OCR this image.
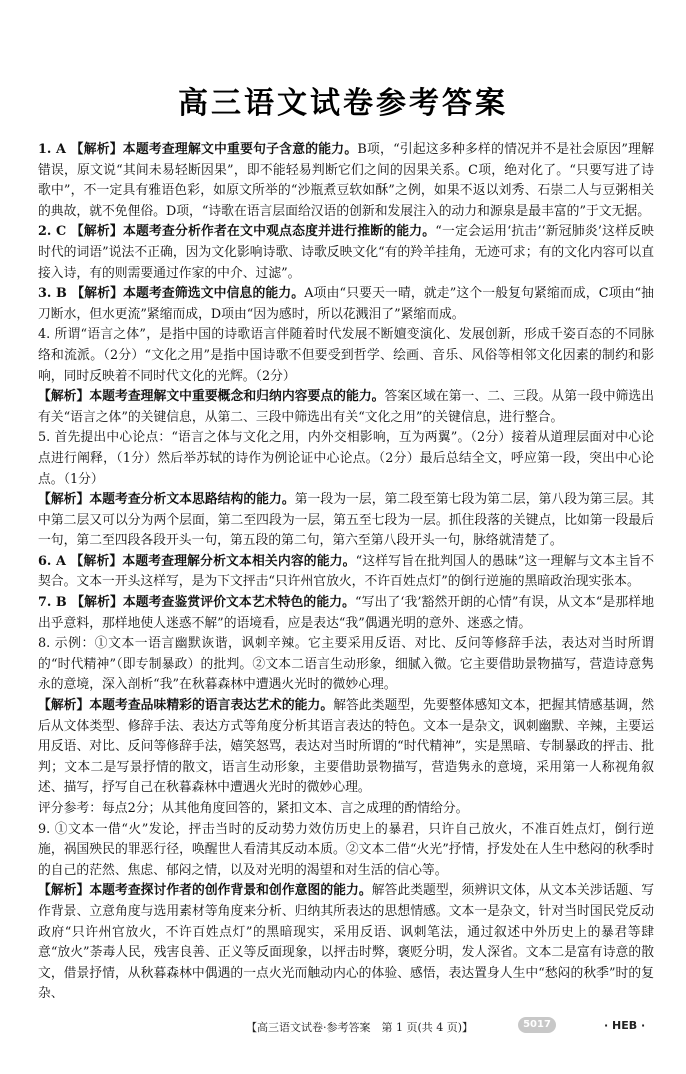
高三语文试卷参考答案

1. A 【解析】本题考查理解文中重要句子含意的能力。B项，“引起这多种多样的情况并不是社会原因”理解错误，原文说“其间未易轻断因果”，即不能轻易判断它们之间的因果关系。C项，绝对化了。“只要写进了诗歌中”，不一定具有雅语色彩，如原文所举的“沙瓶煮豆软如酥”之例，如果不返以刘秀、石崇二人与豆粥相关的典故，就不免俚俗。D项，“诗歌在语言层面给汉语的创新和发展注入的动力和源泉是最丰富的”于文无据。

2. C 【解析】本题考查分析作者在文中观点态度并进行推断的能力。“一定会运用‘抗击’‘新冠肺炎’这样反映时代的词语”说法不正确，因为文化影响诗歌、诗歌反映文化“有的羚羊挂角，无迹可求；有的文化内容可以直接入诗，有的则需要通过作家的中介、过滤”。

3. B 【解析】本题考查筛选文中信息的能力。A项由“只要天一晴，就走”这个一般复句紧缩而成，C项由“抽刀断水，但水更流”紧缩而成，D项由“因为感时，所以花溅泪了”紧缩而成。

4. 所谓“语言之体”，是指中国的诗歌语言伴随着时代发展不断嬗变演化、发展创新，形成千姿百态的不同脉络和流派。（2分）“文化之用”是指中国诗歌不但要受到哲学、绘画、音乐、风俗等相邻文化因素的制约和影响，同时反映着不同时代文化的光辉。（2分）

【解析】本题考查理解文中重要概念和归纳内容要点的能力。答案区域在第一、二、三段。从第一段中筛选出有关“语言之体”的关键信息，从第二、三段中筛选出有关“文化之用”的关键信息，进行整合。

5. 首先提出中心论点：“语言之体与文化之用，内外交相影响，互为两翼”。（2分）接着从道理层面对中心论点进行阐释，（1分）然后举苏轼的诗作为例论证中心论点。（2分）最后总结全文，呼应第一段，突出中心论点。（1分）

【解析】本题考查分析文本思路结构的能力。第一段为一层，第二段至第七段为第二层，第八段为第三层。其中第二层又可以分为两个层面，第二至四段为一层，第五至七段为一层。抓住段落的关键点，比如第一段最后一句，第二至四段各段开头一句，第五段的第二句，第六至第八段开头一句，脉络就清楚了。

6. A 【解析】本题考查理解分析文本相关内容的能力。“这样写旨在批判国人的愚昧”这一理解与文本主旨不契合。文本一开头这样写，是为下文抨击“只许州官放火，不许百姓点灯”的倒行逆施的黑暗政治现实张本。

7. B 【解析】本题考查鉴赏评价文本艺术特色的能力。“写出了‘我’豁然开朗的心情”有误，从文本“是那样地出乎意料，那样地使人迷惑不解”的语境看，应是表达“我”偶遇光明的意外、迷惑之情。

8. 示例：①文本一语言幽默诙谐，讽刺辛辣。它主要采用反语、对比、反问等修辞手法，表达对当时所谓的“时代精神”（即专制暴政）的批判。②文本二语言生动形象，细腻入微。它主要借助景物描写，营造诗意隽永的意境，深入剖析“我”在秋暮森林中遭遇火光时的微妙心理。

【解析】本题考查品味精彩的语言表达艺术的能力。解答此类题型，先要整体感知文本，把握其情感基调，然后从文体类型、修辞手法、表达方式等角度分析其语言表达的特色。文本一是杂文，讽刺幽默、辛辣，主要运用反语、对比、反问等修辞手法，嬉笑怒骂，表达对当时所谓的“时代精神”，实是黑暗、专制暴政的抨击、批判；文本二是写景抒情的散文，语言生动形象，主要借助景物描写，营造隽永的意境，采用第一人称视角叙述、描写，抒写自己在秋暮森林中遭遇火光时的微妙心理。

评分参考：每点2分；从其他角度回答的，紧扣文本、言之成理的酌情给分。

9. ①文本一借“火”发论，抨击当时的反动势力效仿历史上的暴君，只许自己放火，不准百姓点灯，倒行逆施，祸国殃民的罪恶行径，唤醒世人看清其反动本质。②文本二借“火光”抒情，抒发处在人生中愁闷的秋季时的自己的茫然、焦虑、郁闷之情，以及对光明的渴望和对生活的信心等。

【解析】本题考查探讨作者的创作背景和创作意图的能力。解答此类题型，须辨识文体，从文本关涉话题、写作背景、立意角度与选用素材等角度来分析、归纳其所表达的思想情感。文本一是杂文，针对当时国民党反动政府“只许州官放火，不许百姓点灯”的黑暗现实，采用反语、讽刺笔法，通过叙述中外历史上的暴君等肆意“放火”荼毒人民，残害良善、正义等反面现象，以抨击时弊，褒贬分明，发人深省。文本二是富有诗意的散文，借景抒情，从秋暮森林中偶遇的一点火光而触动内心的体验、感悟，表达置身人生中“愁闷的秋季”时的复杂、

【高三语文试卷·参考答案　第 1 页(共 4 页)】	5017	· HEB ·
